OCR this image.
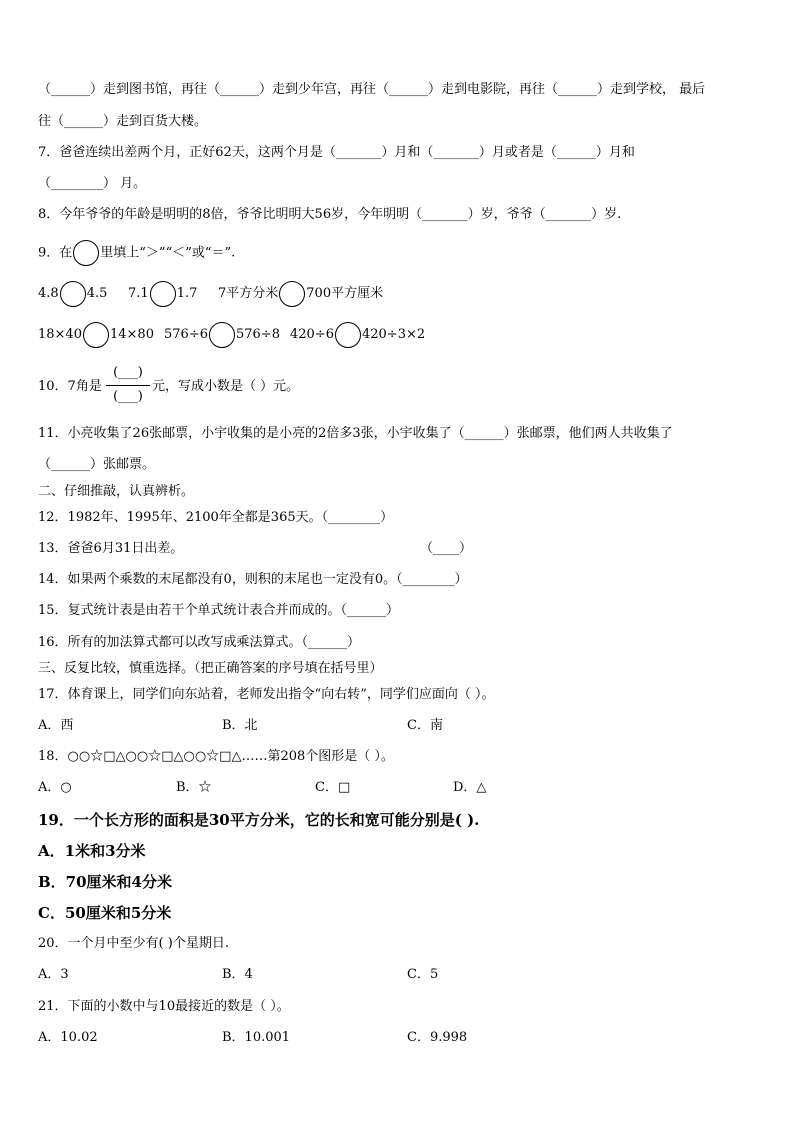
（______）走到图书馆，再往（______）走到少年宫，再往（______）走到电影院，再往（______）走到学校， 最后
往（______）走到百货大楼。
7．爸爸连续出差两个月，正好62天，这两个月是（_______）月和（_______）月或者是（______）月和
（________） 月。
8．今年爷爷的年龄是明明的8倍，爷爷比明明大56岁，今年明明（_______）岁，爷爷（_______）岁.
9．在 里填上“＞”“＜”或“＝”.
4.8 4.5 7.1 1.7 7平方分米 700平方厘米
18×40 14×80 576÷6 576÷8 420÷6 420÷3×2
10．7角是
(___)
(___)
元，写成小数是（ ）元。
11．小亮收集了26张邮票，小宇收集的是小亮的2倍多3张，小宇收集了（______）张邮票，他们两人共收集了
（______）张邮票。
二、仔细推敲，认真辨析。
12．1982年、1995年、2100年全都是365天。（________）
13．爸爸6月31日出差。	（____）
14．如果两个乘数的末尾都没有0，则积的末尾也一定没有0。（________）
15．复式统计表是由若干个单式统计表合并而成的。（______）
16．所有的加法算式都可以改写成乘法算式。（______）
三、反复比较，慎重选择。（把正确答案的序号填在括号里）
17．体育课上，同学们向东站着，老师发出指令“向右转”，同学们应面向（ ）。
A．西	B．北	C．南
18．○○☆□△○○☆□△○○☆□△……第208个图形是（ ）。
A．○	B．☆	C．□	D．△
19．一个长方形的面积是30平方分米，它的长和宽可能分别是( ).
A．1米和3分米
B．70厘米和4分米
C．50厘米和5分米
20．一个月中至少有( )个星期日.
A．3	B．4	C．5
21．下面的小数中与10最接近的数是（ ）。
A．10.02	B．10.001	C．9.998
